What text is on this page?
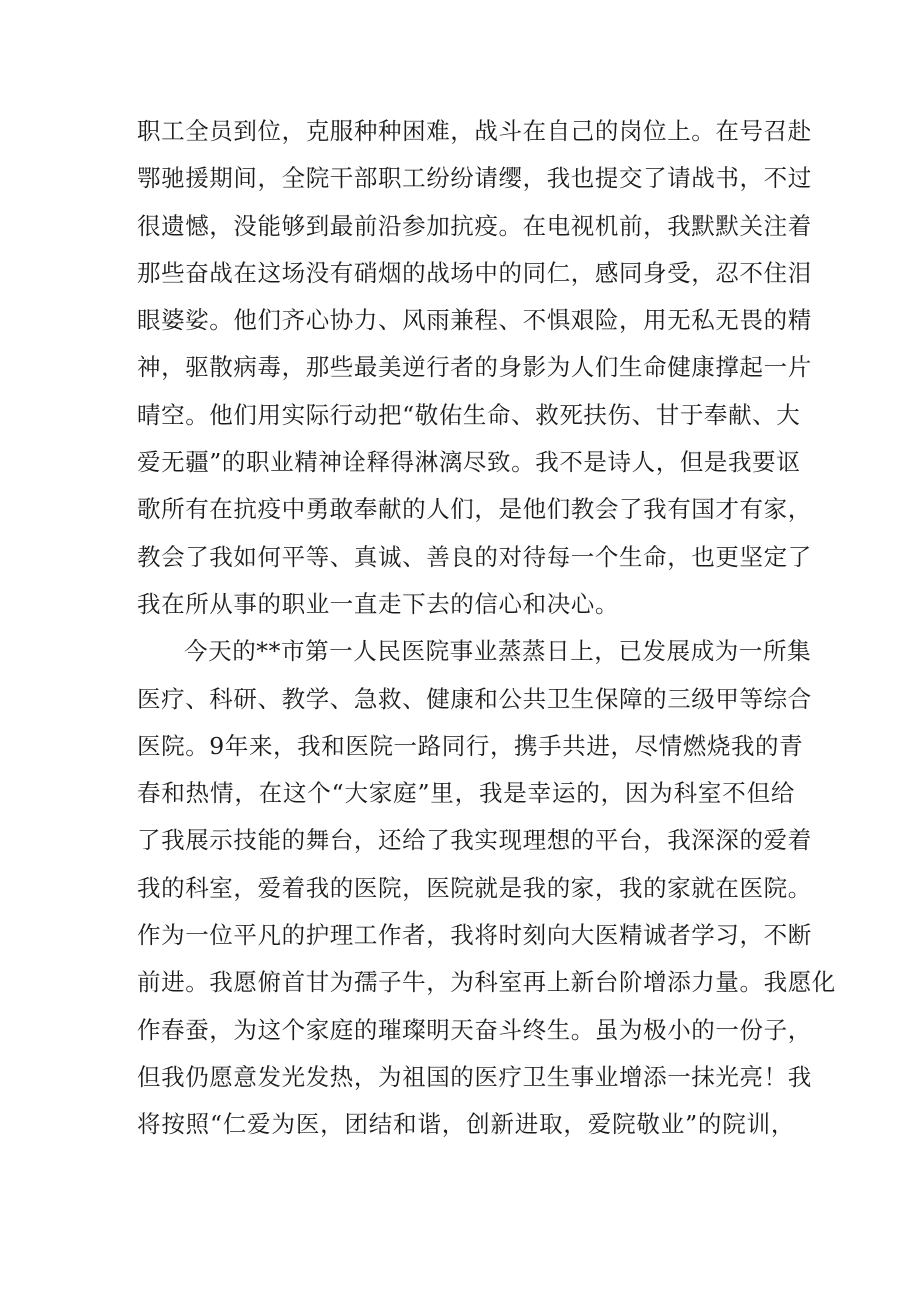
职工全员到位，克服种种困难，战斗在自己的岗位上。在号召赴
鄂驰援期间，全院干部职工纷纷请缨，我也提交了请战书，不过
很遗憾，没能够到最前沿参加抗疫。在电视机前，我默默关注着
那些奋战在这场没有硝烟的战场中的同仁，感同身受，忍不住泪
眼婆娑。他们齐心协力、风雨兼程、不惧艰险，用无私无畏的精
神，驱散病毒，那些最美逆行者的身影为人们生命健康撑起一片
晴空。他们用实际行动把“敬佑生命、救死扶伤、甘于奉献、大
爱无疆”的职业精神诠释得淋漓尽致。我不是诗人，但是我要讴
歌所有在抗疫中勇敢奉献的人们，是他们教会了我有国才有家，
教会了我如何平等、真诚、善良的对待每一个生命，也更坚定了
我在所从事的职业一直走下去的信心和决心。
今天的**市第一人民医院事业蒸蒸日上，已发展成为一所集
医疗、科研、教学、急救、健康和公共卫生保障的三级甲等综合
医院。9年来，我和医院一路同行，携手共进，尽情燃烧我的青
春和热情，在这个“大家庭”里，我是幸运的，因为科室不但给
了我展示技能的舞台，还给了我实现理想的平台，我深深的爱着
我的科室，爱着我的医院，医院就是我的家，我的家就在医院。
作为一位平凡的护理工作者，我将时刻向大医精诚者学习，不断
前进。我愿俯首甘为孺子牛，为科室再上新台阶增添力量。我愿化
作春蚕，为这个家庭的璀璨明天奋斗终生。虽为极小的一份子，
但我仍愿意发光发热，为祖国的医疗卫生事业增添一抹光亮！我
将按照“仁爱为医，团结和谐，创新进取，爱院敬业”的院训，
